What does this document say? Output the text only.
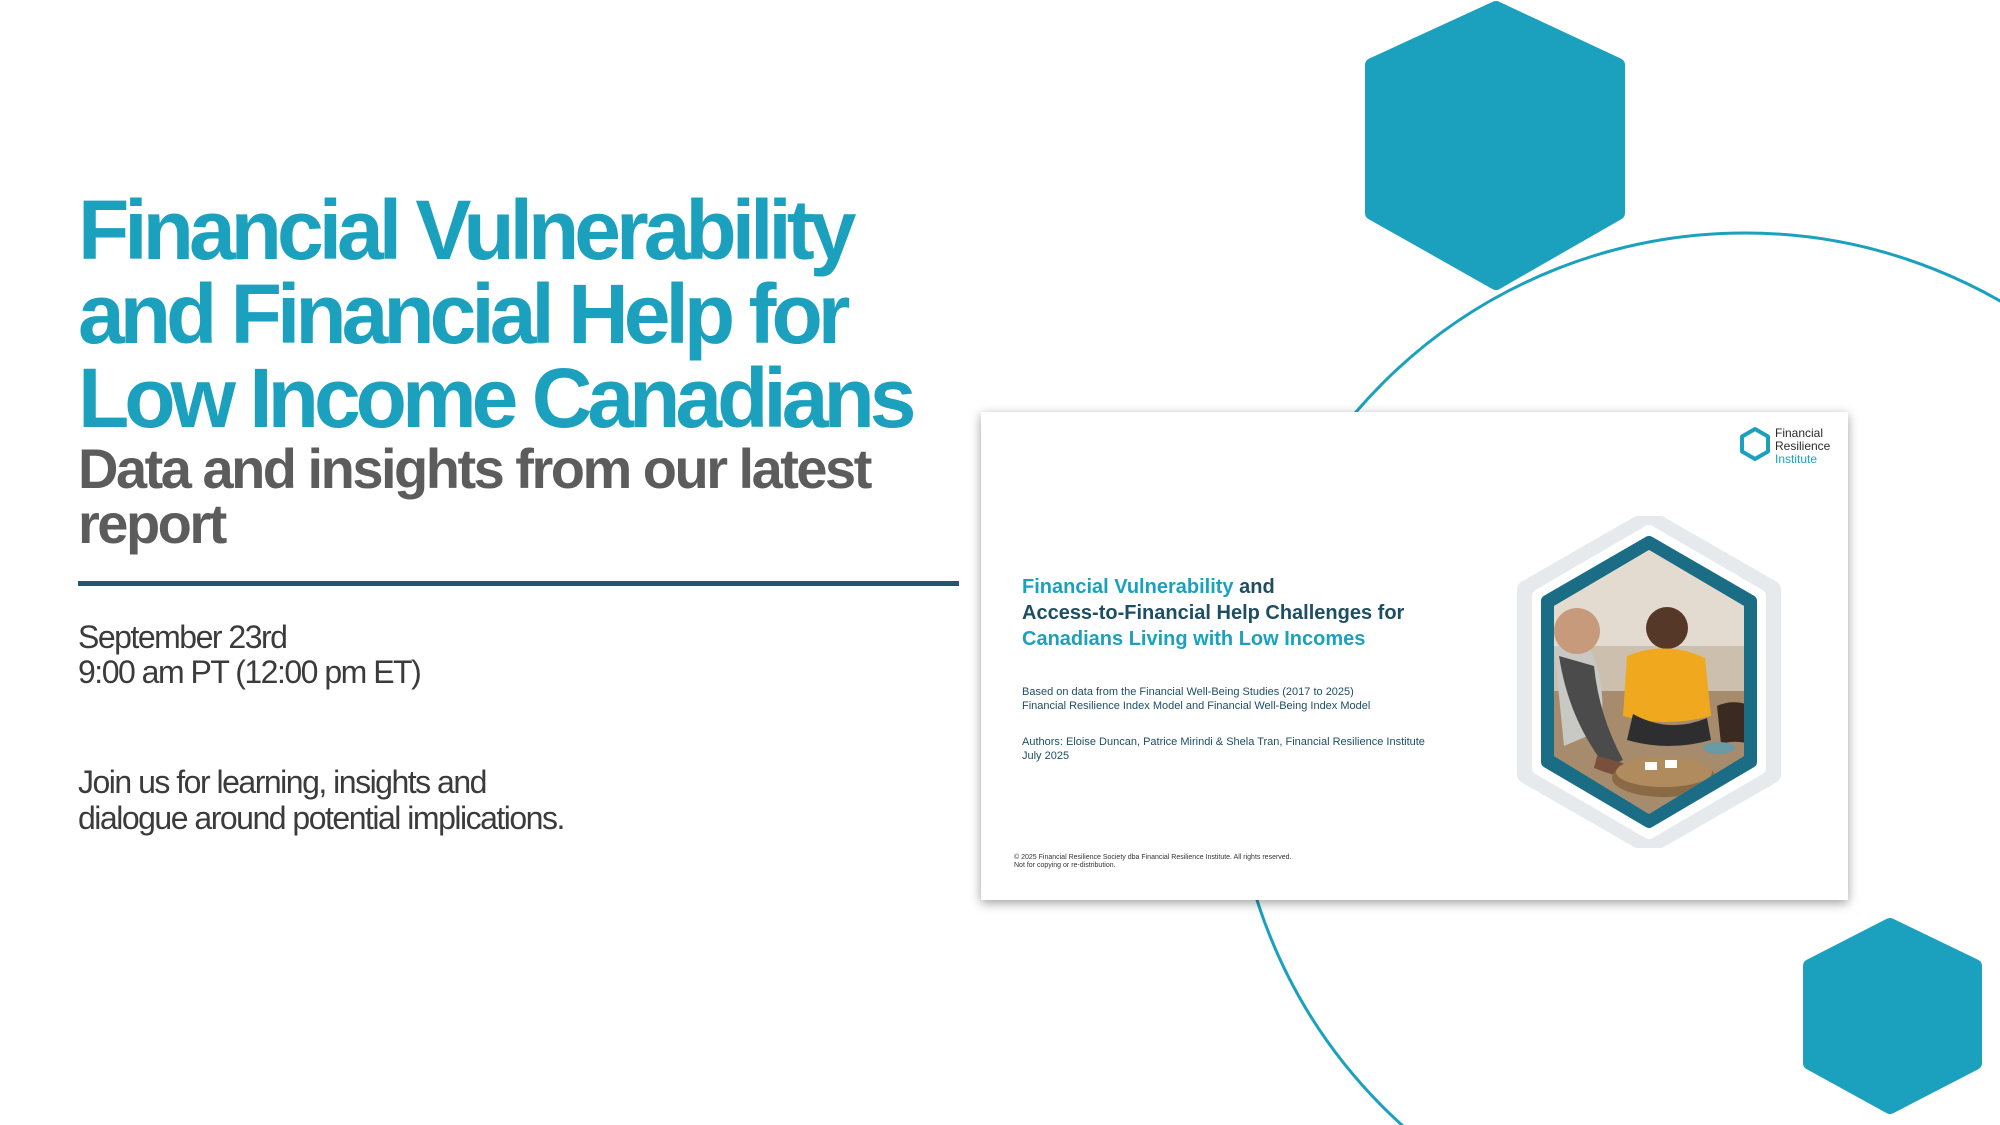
Financial Vulnerability
and Financial Help for
Low Income Canadians
Data and insights from our latest report

September 23rd

9:00 am PT (12:00 pm ET)

Join us for learning, insights and

dialogue around potential implications.

Financial
Resilience
Institute
Financial Vulnerability and
Access-to-Financial Help Challenges for
Canadians Living with Low Incomes

Based on data from the Financial Well-Being Studies (2017 to 2025)
Financial Resilience Index Model and Financial Well-Being Index Model

Authors: Eloise Duncan, Patrice Mirindi & Shela Tran, Financial Resilience Institute
July 2025

© 2025 Financial Resilience Society dba Financial Resilience Institute. All rights reserved.
Not for copying or re-distribution.
